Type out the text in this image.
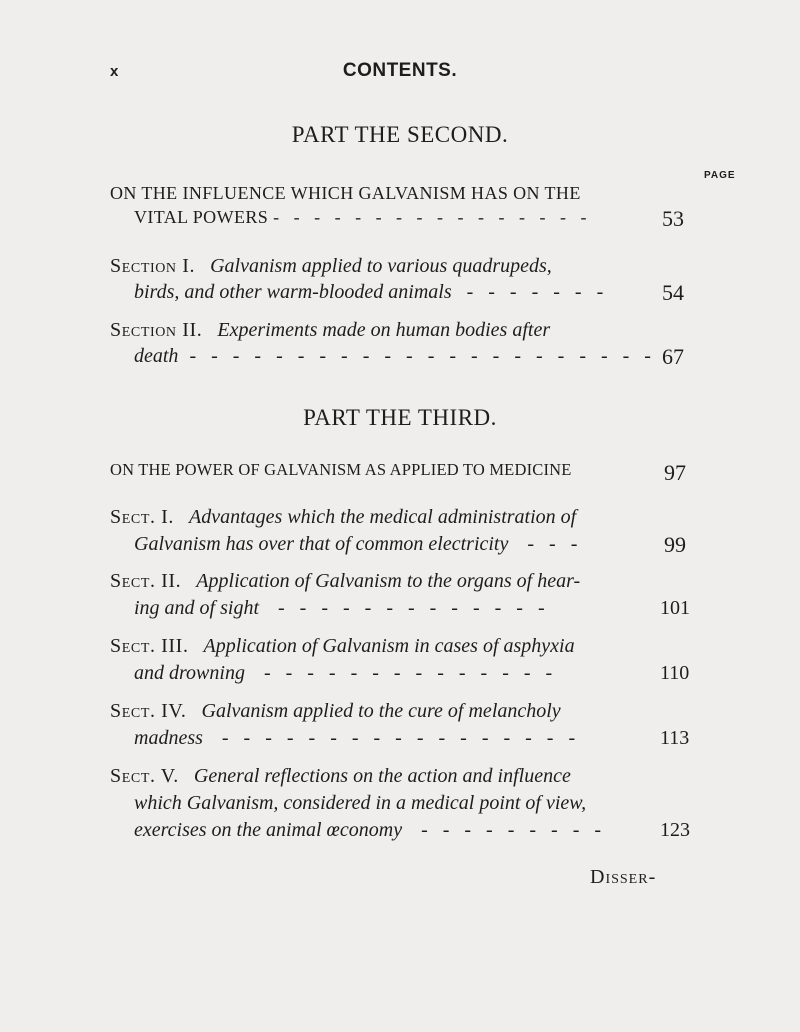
x	CONTENTS.
PART THE SECOND.
PAGE
ON THE INFLUENCE WHICH GALVANISM HAS ON THE
VITAL POWERS - - - - - - - - - - - - - - - -	53
Section I. Galvanism applied to various quadrupeds,
birds, and other warm-blooded animals - - - - - - - 54
Section II. Experiments made on human bodies after
death - - - - - - - - - - - - - - - - - - - - - - 67
PART THE THIRD.
ON THE POWER OF GALVANISM AS APPLIED TO MEDICINE	97
Sect. I. Advantages which the medical administration of
Galvanism has over that of common electricity - - -	99
Sect. II. Application of Galvanism to the organs of hear-
ing and of sight - - - - - - - - - - - - -	101
Sect. III. Application of Galvanism in cases of asphyxia
and drowning - - - - - - - - - - - - - -	110
Sect. IV. Galvanism applied to the cure of melancholy
madness - - - - - - - - - - - - - - - - -	113
Sect. V. General reflections on the action and influence
which Galvanism, considered in a medical point of view,
exercises on the animal œconomy - - - - - - - - -	123
Disser-
